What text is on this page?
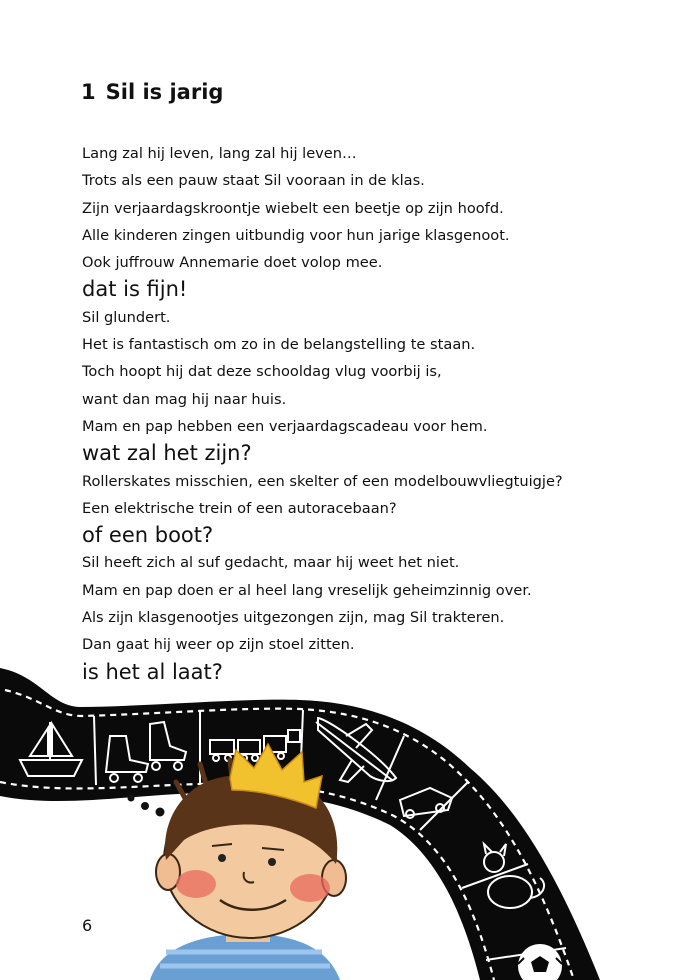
1 Sil is jarig
Lang zal hij leven, lang zal hij leven…
Trots als een pauw staat Sil vooraan in de klas.
Zijn verjaardagskroontje wiebelt een beetje op zijn hoofd.
Alle kinderen zingen uitbundig voor hun jarige klasgenoot.
Ook juffrouw Annemarie doet volop mee.
dat is fijn!
Sil glundert.
Het is fantastisch om zo in de belangstelling te staan.
Toch hoopt hij dat deze schooldag vlug voorbij is,
want dan mag hij naar huis.
Mam en pap hebben een verjaardagscadeau voor hem.
wat zal het zijn?
Rollerskates misschien, een skelter of een modelbouwvliegtuigje?
Een elektrische trein of een autoracebaan?
of een boot?
Sil heeft zich al suf gedacht, maar hij weet het niet.
Mam en pap doen er al heel lang vreselijk geheimzinnig over.
Als zijn klasgenootjes uitgezongen zijn, mag Sil trakteren.
Dan gaat hij weer op zijn stoel zitten.
is het al laat?
6
